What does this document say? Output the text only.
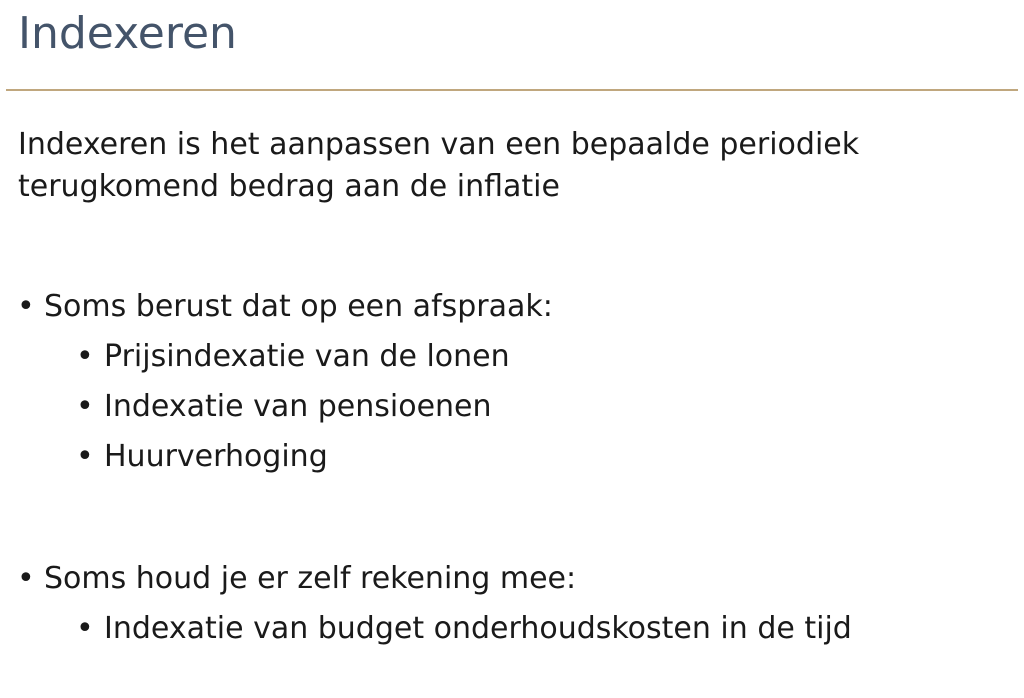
Indexeren

Indexeren is het aanpassen van een bepaalde periodiek terugkomend bedrag aan de inflatie

• Soms berust dat op een afspraak:
• Prijsindexatie van de lonen
• Indexatie van pensioenen
• Huurverhoging
• Soms houd je er zelf rekening mee:
• Indexatie van budget onderhoudskosten in de tijd
